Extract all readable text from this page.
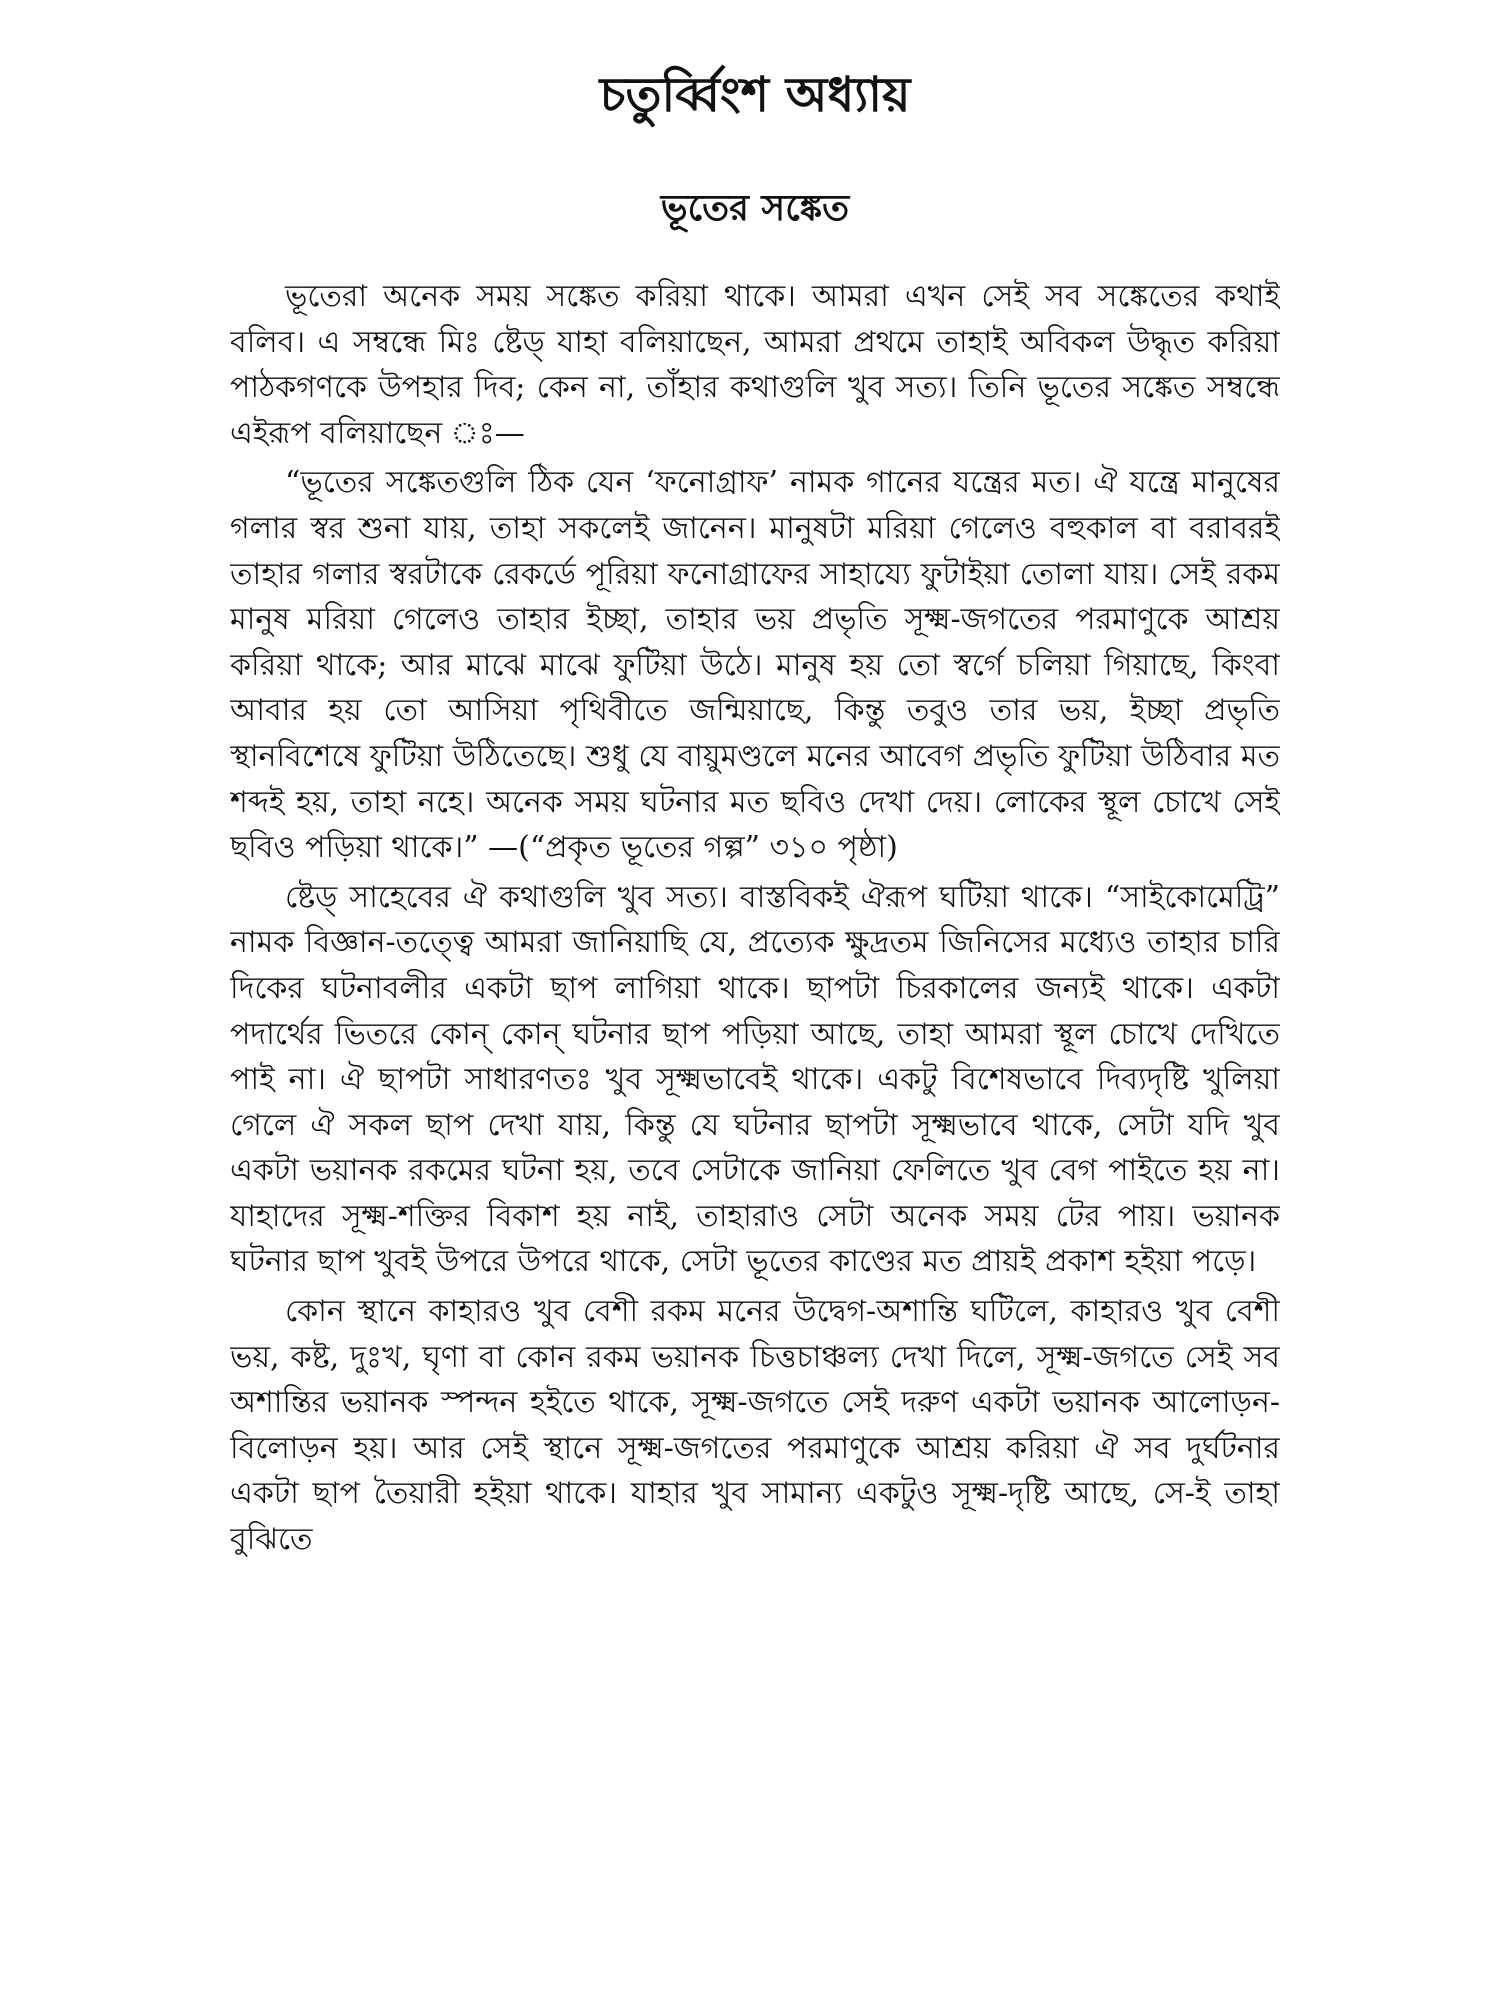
চতুর্ব্বিংশ অধ্যায়
ভূতের সঙ্কেত

ভূতেরা অনেক সময় সঙ্কেত করিয়া থাকে। আমরা এখন সেই সব সঙ্কেতের কথাই বলিব। এ সম্বন্ধে মিঃ ষ্টেড্ যাহা বলিয়াছেন, আমরা প্রথমে তাহাই অবিকল উদ্ধৃত করিয়া পাঠকগণকে উপহার দিব; কেন না, তাঁহার কথাগুলি খুব সত্য। তিনি ভূতের সঙ্কেত সম্বন্ধে এইরূপ বলিয়াছেন ঃ—

“ভূতের সঙ্কেতগুলি ঠিক যেন ‘ফনোগ্রাফ’ নামক গানের যন্ত্রের মত। ঐ যন্ত্রে মানুষের গলার স্বর শুনা যায়, তাহা সকলেই জানেন। মানুষটা মরিয়া গেলেও বহুকাল বা বরাবরই তাহার গলার স্বরটাকে রেকর্ডে পূরিয়া ফনোগ্রাফের সাহায্যে ফুটাইয়া তোলা যায়। সেই রকম মানুষ মরিয়া গেলেও তাহার ইচ্ছা, তাহার ভয় প্রভৃতি সূক্ষ্ম-জগতের পরমাণুকে আশ্রয় করিয়া থাকে; আর মাঝে মাঝে ফুটিয়া উঠে। মানুষ হয় তো স্বর্গে চলিয়া গিয়াছে, কিংবা আবার হয় তো আসিয়া পৃথিবীতে জন্মিয়াছে, কিন্তু তবুও তার ভয়, ইচ্ছা প্রভৃতি স্থানবিশেষে ফুটিয়া উঠিতেছে। শুধু যে বায়ুমণ্ডলে মনের আবেগ প্রভৃতি ফুটিয়া উঠিবার মত শব্দই হয়, তাহা নহে। অনেক সময় ঘটনার মত ছবিও দেখা দেয়। লোকের স্থূল চোখে সেই ছবিও পড়িয়া থাকে।” —(“প্রকৃত ভূতের গল্প” ৩১০ পৃষ্ঠা)

ষ্টেড্ সাহেবের ঐ কথাগুলি খুব সত্য। বাস্তবিকই ঐরূপ ঘটিয়া থাকে। “সাইকোমেট্রি” নামক বিজ্ঞান-তত্ত্বে আমরা জানিয়াছি যে, প্রত্যেক ক্ষুদ্রতম জিনিসের মধ্যেও তাহার চারি দিকের ঘটনাবলীর একটা ছাপ লাগিয়া থাকে। ছাপটা চিরকালের জন্যই থাকে। একটা পদার্থের ভিতরে কোন্ কোন্ ঘটনার ছাপ পড়িয়া আছে, তাহা আমরা স্থূল চোখে দেখিতে পাই না। ঐ ছাপটা সাধারণতঃ খুব সূক্ষ্মভাবেই থাকে। একটু বিশেষভাবে দিব্যদৃষ্টি খুলিয়া গেলে ঐ সকল ছাপ দেখা যায়, কিন্তু যে ঘটনার ছাপটা সূক্ষ্মভাবে থাকে, সেটা যদি খুব একটা ভয়ানক রকমের ঘটনা হয়, তবে সেটাকে জানিয়া ফেলিতে খুব বেগ পাইতে হয় না। যাহাদের সূক্ষ্ম-শক্তির বিকাশ হয় নাই, তাহারাও সেটা অনেক সময় টের পায়। ভয়ানক ঘটনার ছাপ খুবই উপরে উপরে থাকে, সেটা ভূতের কাণ্ডের মত প্রায়ই প্রকাশ হইয়া পড়ে।

কোন স্থানে কাহারও খুব বেশী রকম মনের উদ্বেগ-অশান্তি ঘটিলে, কাহারও খুব বেশী ভয়, কষ্ট, দুঃখ, ঘৃণা বা কোন রকম ভয়ানক চিত্তচাঞ্চল্য দেখা দিলে, সূক্ষ্ম-জগতে সেই সব অশান্তির ভয়ানক স্পন্দন হইতে থাকে, সূক্ষ্ম-জগতে সেই দরুণ একটা ভয়ানক আলোড়ন-বিলোড়ন হয়। আর সেই স্থানে সূক্ষ্ম-জগতের পরমাণুকে আশ্রয় করিয়া ঐ সব দুর্ঘটনার একটা ছাপ তৈয়ারী হইয়া থাকে। যাহার খুব সামান্য একটুও সূক্ষ্ম-দৃষ্টি আছে, সে-ই তাহা বুঝিতে
